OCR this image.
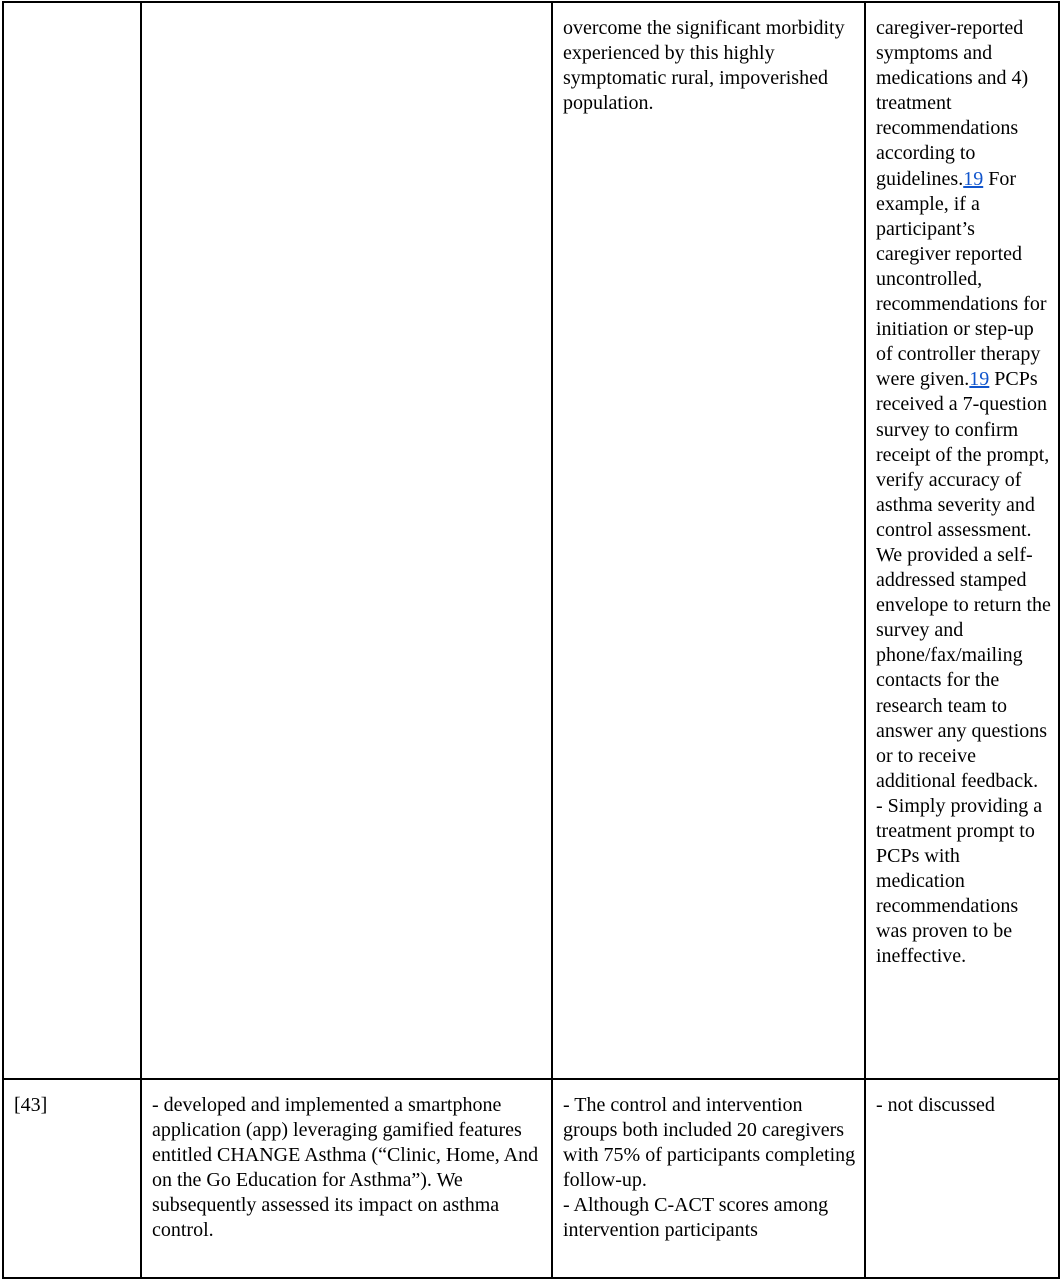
		overcome the significant morbidity experienced by this highly symptomatic rural, impoverished population.	caregiver-reported symptoms and medications and 4) treatment recommendations according to guidelines.19 For example, if a participant’s caregiver reported uncontrolled, recommendations for initiation or step-up of controller therapy were given.19 PCPs received a 7-question survey to confirm receipt of the prompt, verify accuracy of asthma severity and control assessment. We provided a self-addressed stamped envelope to return the survey and phone/fax/mailing contacts for the research team to answer any questions or to receive additional feedback.
- Simply providing a treatment prompt to PCPs with medication recommendations was proven to be ineffective.

[43]	- developed and implemented a smartphone application (app) leveraging gamified features entitled CHANGE Asthma (“Clinic, Home, And on the Go Education for Asthma”). We subsequently assessed its impact on asthma control.	- The control and intervention groups both included 20 caregivers with 75% of participants completing follow-up.
- Although C-ACT scores among intervention participants	- not discussed
